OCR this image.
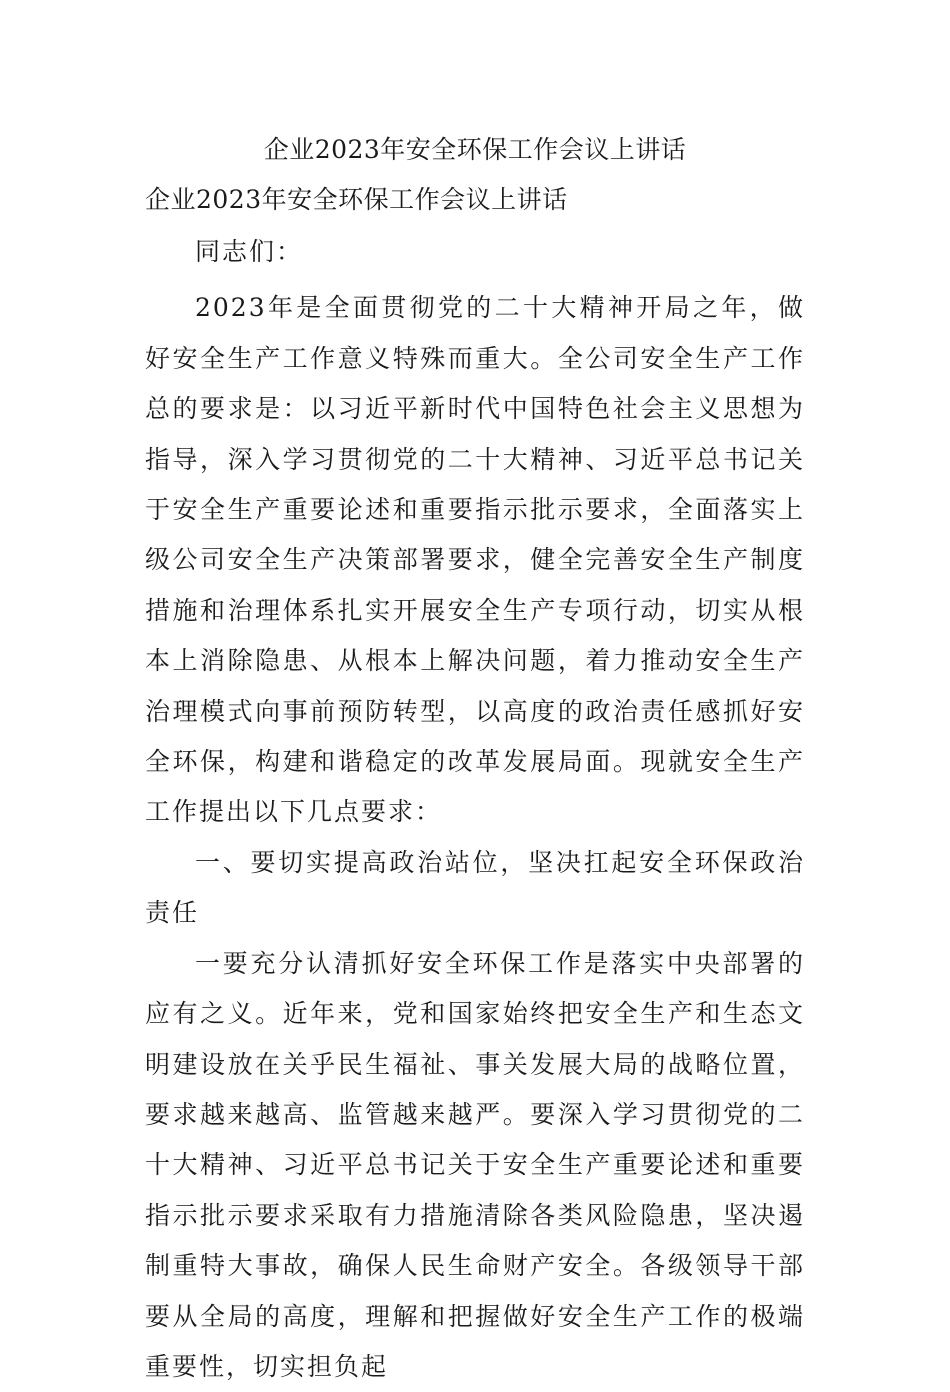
企业2023年安全环保工作会议上讲话
企业2023年安全环保工作会议上讲话

同志们：

2023年是全面贯彻党的二十大精神开局之年，做好安全生产工作意义特殊而重大。全公司安全生产工作总的要求是：以习近平新时代中国特色社会主义思想为指导，深入学习贯彻党的二十大精神、习近平总书记关于安全生产重要论述和重要指示批示要求，全面落实上级公司安全生产决策部署要求，健全完善安全生产制度措施和治理体系扎实开展安全生产专项行动，切实从根本上消除隐患、从根本上解决问题，着力推动安全生产治理模式向事前预防转型，以高度的政治责任感抓好安全环保，构建和谐稳定的改革发展局面。现就安全生产工作提出以下几点要求：

一、要切实提高政治站位，坚决扛起安全环保政治责任

一要充分认清抓好安全环保工作是落实中央部署的应有之义。近年来，党和国家始终把安全生产和生态文明建设放在关乎民生福祉、事关发展大局的战略位置，要求越来越高、监管越来越严。要深入学习贯彻党的二十大精神、习近平总书记关于安全生产重要论述和重要指示批示要求采取有力措施清除各类风险隐患，坚决遏制重特大事故，确保人民生命财产安全。各级领导干部要从全局的高度，理解和把握做好安全生产工作的极端重要性，切实担负起
